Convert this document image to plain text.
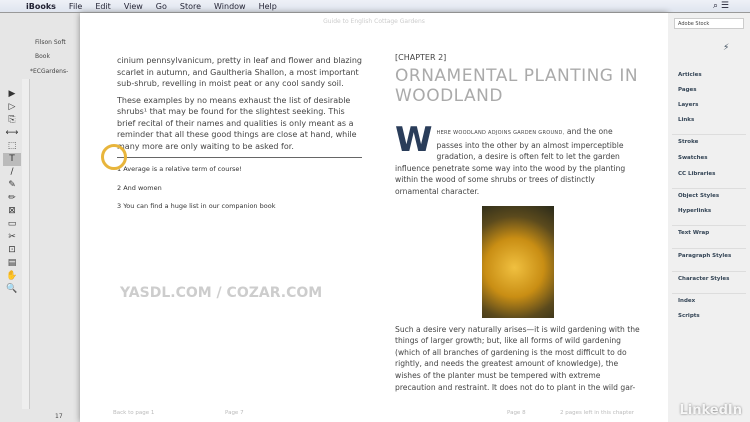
iBooks File Edit View Go Store Window Help	⌕ ☰
Filson Soft
Book
*ECGardens-
▶
▷
⎘
⟷
⬚
T
/
✎
✏
⊠
▭
✂
⊡
▤
✋
🔍
17
Guide to English Cottage Gardens

cinium pennsylvanicum, pretty in leaf and flower and blazing scarlet in autumn, and Gaultheria Shallon, a most important sub-shrub, revelling in moist peat or any cool sandy soil.

These examples by no means exhaust the list of desirable shrubs¹ that may be found for the slightest seeking. This brief recital of their names and qualities is only meant as a reminder that all these good things are close at hand, while many more are only waiting to be asked for.

1 Average is a relative term of course!
2 And women
3 You can find a huge list in our companion book
[CHAPTER 2]
ORNAMENTAL PLANTING IN WOODLAND
WHERE WOODLAND ADJOINS GARDEN GROUND, and the one passes into the other by an almost imperceptible gradation, a desire is often felt to let the garden influence penetrate some way into the wood by the planting within the wood of some shrubs or trees of distinctly ornamental character.
Such a desire very naturally arises—it is wild gardening with the things of larger growth; but, like all forms of wild gardening (which of all branches of gardening is the most difficult to do rightly, and needs the greatest amount of knowledge), the wishes of the planter must be tempered with extreme precaution and restraint. It does not do to plant in the wild gar-
Back to page 1	Page 7	Page 8	2 pages left in this chapter
Adobe Stock
⚡
Articles
Pages
Layers
Links
Stroke
Swatches
CC Libraries
Object Styles
Hyperlinks
Text Wrap
Paragraph Styles
Character Styles
Index
Scripts
YASDL.COM / COZAR.COM
LinkedIn
